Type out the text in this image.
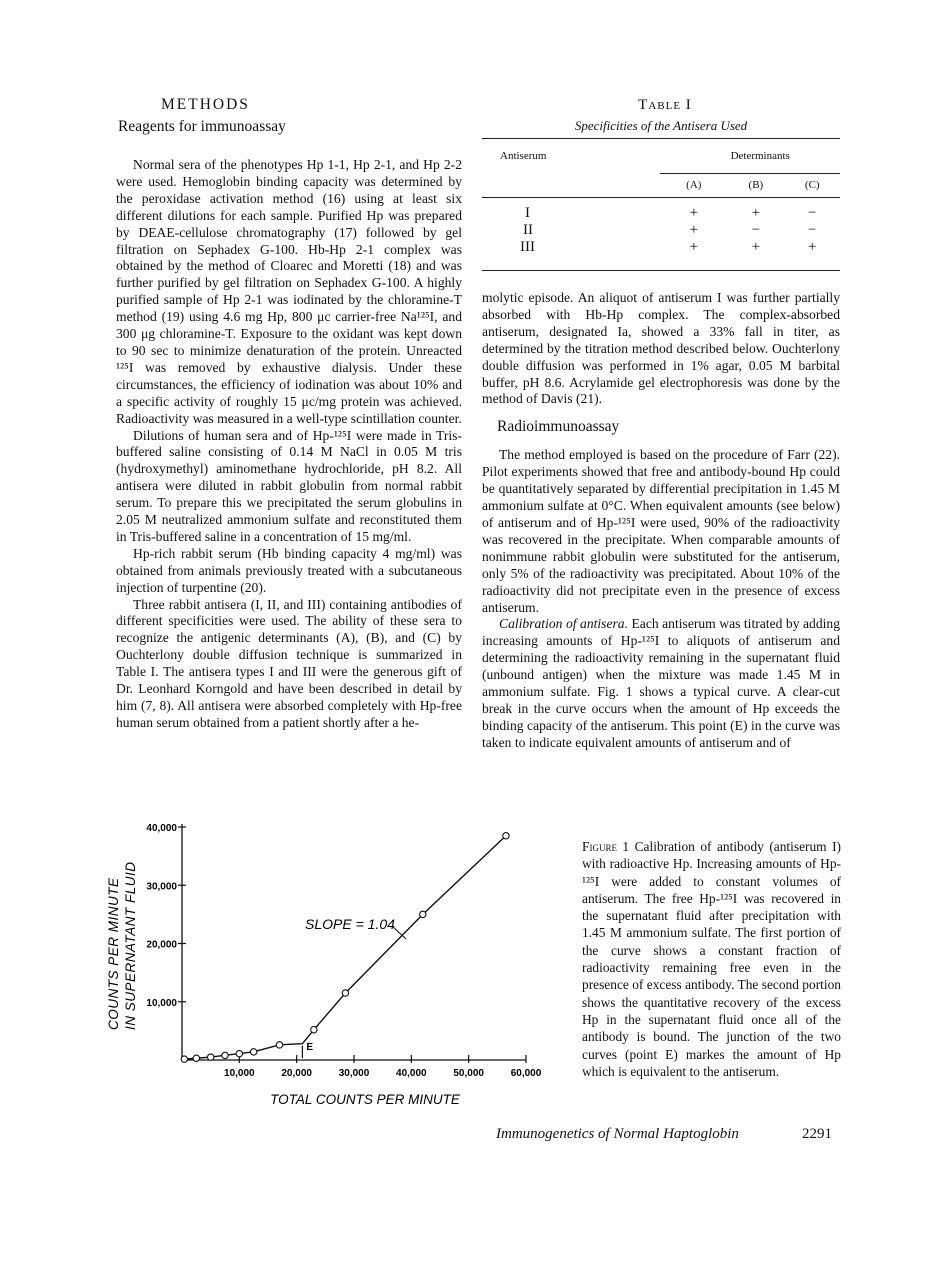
METHODS
Reagents for immunoassay

Normal sera of the phenotypes Hp 1-1, Hp 2-1, and Hp 2-2 were used. Hemoglobin binding capacity was determined by the peroxidase activation method (16) using at least six different dilutions for each sample. Purified Hp was prepared by DEAE-cellulose chromatography (17) followed by gel filtration on Sephadex G-100. Hb-Hp 2-1 complex was obtained by the method of Cloarec and Moretti (18) and was further purified by gel filtration on Sephadex G-100. A highly purified sample of Hp 2-1 was iodinated by the chloramine-T method (19) using 4.6 mg Hp, 800 μc carrier-free Na¹²⁵I, and 300 μg chloramine-T. Exposure to the oxidant was kept down to 90 sec to minimize denaturation of the protein. Unreacted ¹²⁵I was removed by exhaustive dialysis. Under these circumstances, the efficiency of iodination was about 10% and a specific activity of roughly 15 μc/mg protein was achieved. Radioactivity was measured in a well-type scintillation counter.

Dilutions of human sera and of Hp-¹²⁵I were made in Tris-buffered saline consisting of 0.14 M NaCl in 0.05 M tris (hydroxymethyl) aminomethane hydrochloride, pH 8.2. All antisera were diluted in rabbit globulin from normal rabbit serum. To prepare this we precipitated the serum globulins in 2.05 M neutralized ammonium sulfate and reconstituted them in Tris-buffered saline in a concentration of 15 mg/ml.

Hp-rich rabbit serum (Hb binding capacity 4 mg/ml) was obtained from animals previously treated with a subcutaneous injection of turpentine (20).

Three rabbit antisera (I, II, and III) containing antibodies of different specificities were used. The ability of these sera to recognize the antigenic determinants (A), (B), and (C) by Ouchterlony double diffusion technique is summarized in Table I. The antisera types I and III were the generous gift of Dr. Leonhard Korngold and have been described in detail by him (7, 8). All antisera were absorbed completely with Hp-free human serum obtained from a patient shortly after a he-

Table I
Specificities of the Antisera Used
Antiserum	Determinants		
	(A)	(B)	(C)

I	+	+	−
II	+	−	−
III	+	+	+

molytic episode. An aliquot of antiserum I was further partially absorbed with Hb-Hp complex. The complex-absorbed antiserum, designated Ia, showed a 33% fall in titer, as determined by the titration method described below. Ouchterlony double diffusion was performed in 1% agar, 0.05 M barbital buffer, pH 8.6. Acrylamide gel electrophoresis was done by the method of Davis (21).

Radioimmunoassay

The method employed is based on the procedure of Farr (22). Pilot experiments showed that free and antibody-bound Hp could be quantitatively separated by differential precipitation in 1.45 M ammonium sulfate at 0°C. When equivalent amounts (see below) of antiserum and of Hp-¹²⁵I were used, 90% of the radioactivity was recovered in the precipitate. When comparable amounts of nonimmune rabbit globulin were substituted for the antiserum, only 5% of the radioactivity was precipitated. About 10% of the radioactivity did not precipitate even in the presence of excess antiserum.

Calibration of antisera. Each antiserum was titrated by adding increasing amounts of Hp-¹²⁵I to aliquots of antiserum and determining the radioactivity remaining in the supernatant fluid (unbound antigen) when the mixture was made 1.45 M in ammonium sulfate. Fig. 1 shows a typical curve. A clear-cut break in the curve occurs when the amount of Hp exceeds the binding capacity of the antiserum. This point (E) in the curve was taken to indicate equivalent amounts of antiserum and of

COUNTS PER MINUTE IN SUPERNATANT FLUID 10,000
20,000
30,000
40,000
10,000	20,000	30,000	40,000	50,000	60,000
E
SLOPE = 1.04
TOTAL COUNTS PER MINUTE
Figure 1 Calibration of antibody (antiserum I) with radioactive Hp. Increasing amounts of Hp-¹²⁵I were added to constant volumes of antiserum. The free Hp-¹²⁵I was recovered in the supernatant fluid after precipitation with 1.45 M ammonium sulfate. The first portion of the curve shows a constant fraction of radioactivity remaining free even in the presence of excess antibody. The second portion shows the quantitative recovery of the excess Hp in the supernatant fluid once all of the antibody is bound. The junction of the two curves (point E) markes the amount of Hp which is equivalent to the antiserum.
Immunogenetics of Normal Haptoglobin	2291
